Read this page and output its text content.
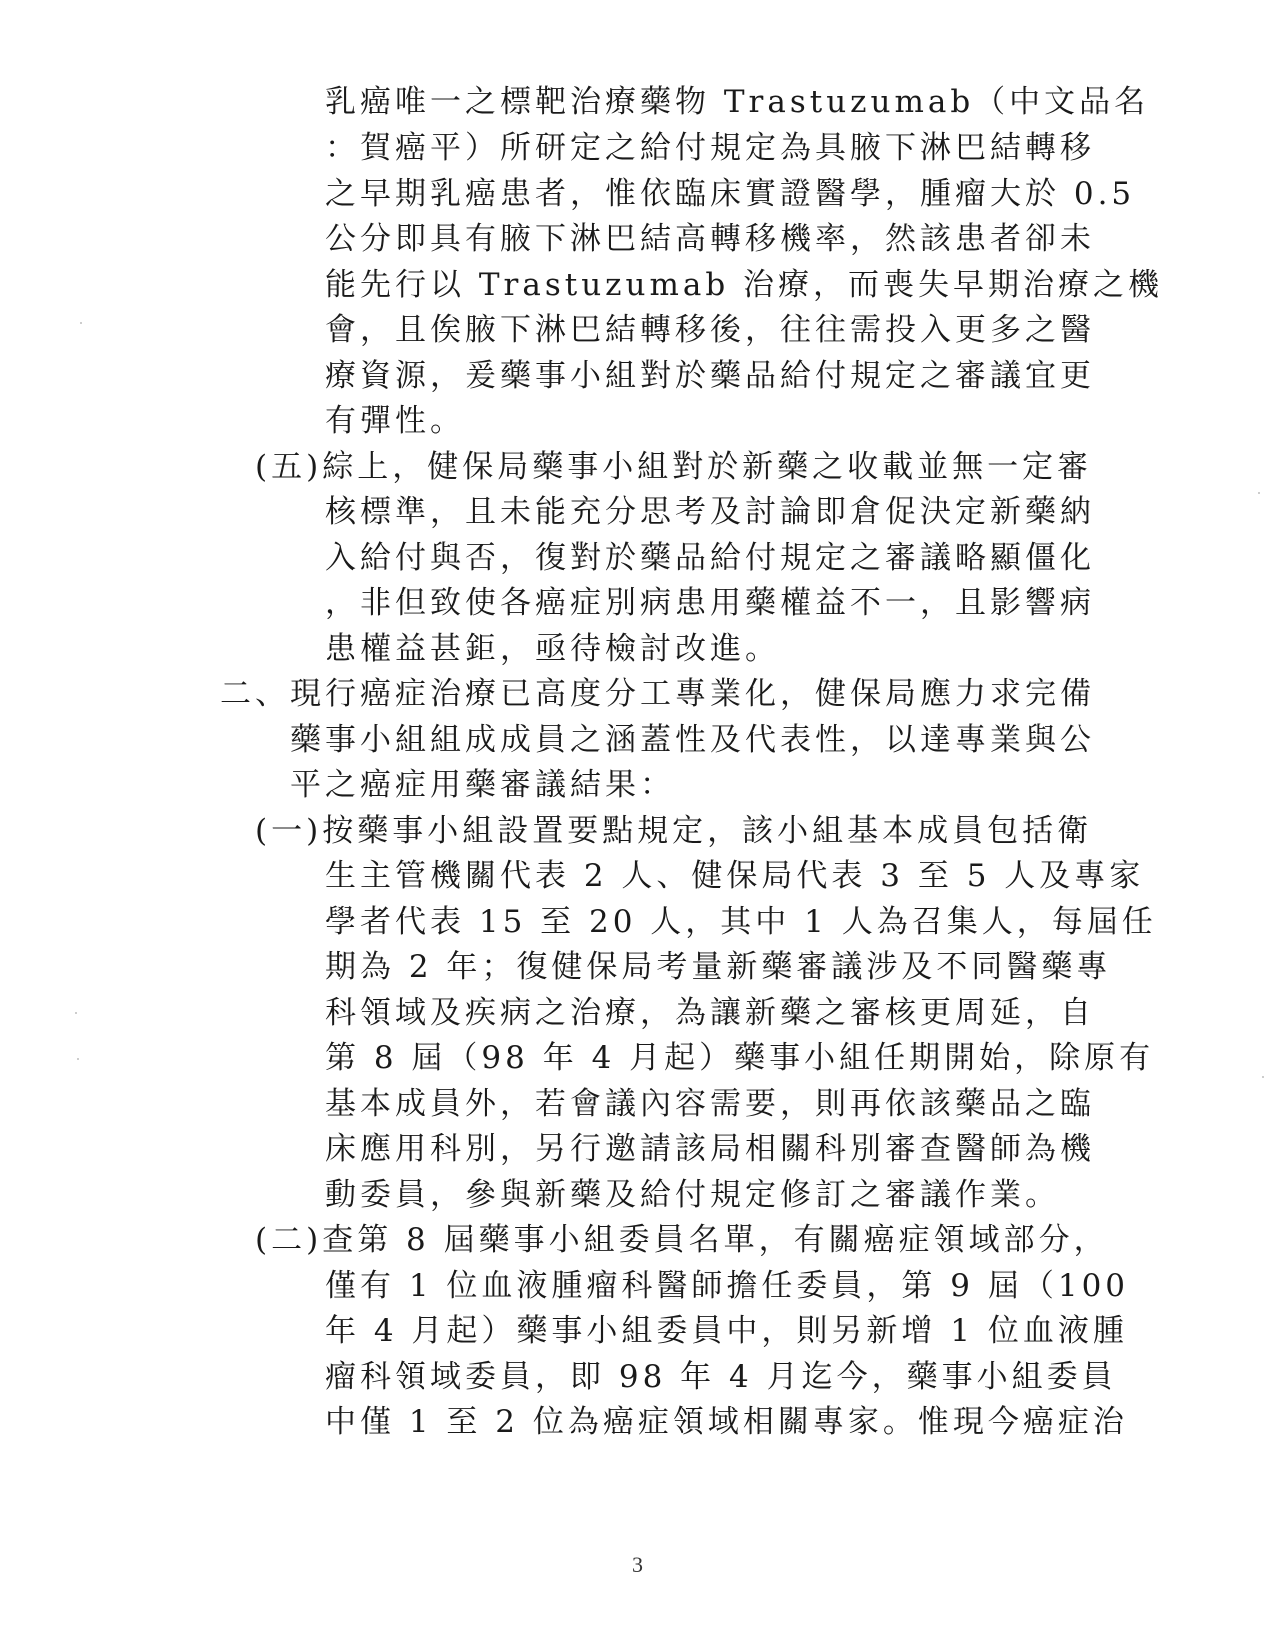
乳癌唯一之標靶治療藥物 Trastuzumab（中文品名
：賀癌平）所研定之給付規定為具腋下淋巴結轉移
之早期乳癌患者，惟依臨床實證醫學，腫瘤大於 0.5
公分即具有腋下淋巴結高轉移機率，然該患者卻未
能先行以 Trastuzumab 治療，而喪失早期治療之機
會，且俟腋下淋巴結轉移後，往往需投入更多之醫
療資源，爰藥事小組對於藥品給付規定之審議宜更
有彈性。
(五)綜上，健保局藥事小組對於新藥之收載並無一定審
核標準，且未能充分思考及討論即倉促決定新藥納
入給付與否，復對於藥品給付規定之審議略顯僵化
，非但致使各癌症別病患用藥權益不一，且影響病
患權益甚鉅，亟待檢討改進。
二、現行癌症治療已高度分工專業化，健保局應力求完備
藥事小組組成成員之涵蓋性及代表性，以達專業與公
平之癌症用藥審議結果：
(一)按藥事小組設置要點規定，該小組基本成員包括衛
生主管機關代表 2 人、健保局代表 3 至 5 人及專家
學者代表 15 至 20 人，其中 1 人為召集人，每屆任
期為 2 年；復健保局考量新藥審議涉及不同醫藥專
科領域及疾病之治療，為讓新藥之審核更周延，自
第 8 屆（98 年 4 月起）藥事小組任期開始，除原有
基本成員外，若會議內容需要，則再依該藥品之臨
床應用科別，另行邀請該局相關科別審查醫師為機
動委員，參與新藥及給付規定修訂之審議作業。
(二)查第 8 屆藥事小組委員名單，有關癌症領域部分，
僅有 1 位血液腫瘤科醫師擔任委員，第 9 屆（100
年 4 月起）藥事小組委員中，則另新增 1 位血液腫
瘤科領域委員，即 98 年 4 月迄今，藥事小組委員
中僅 1 至 2 位為癌症領域相關專家。惟現今癌症治
3
